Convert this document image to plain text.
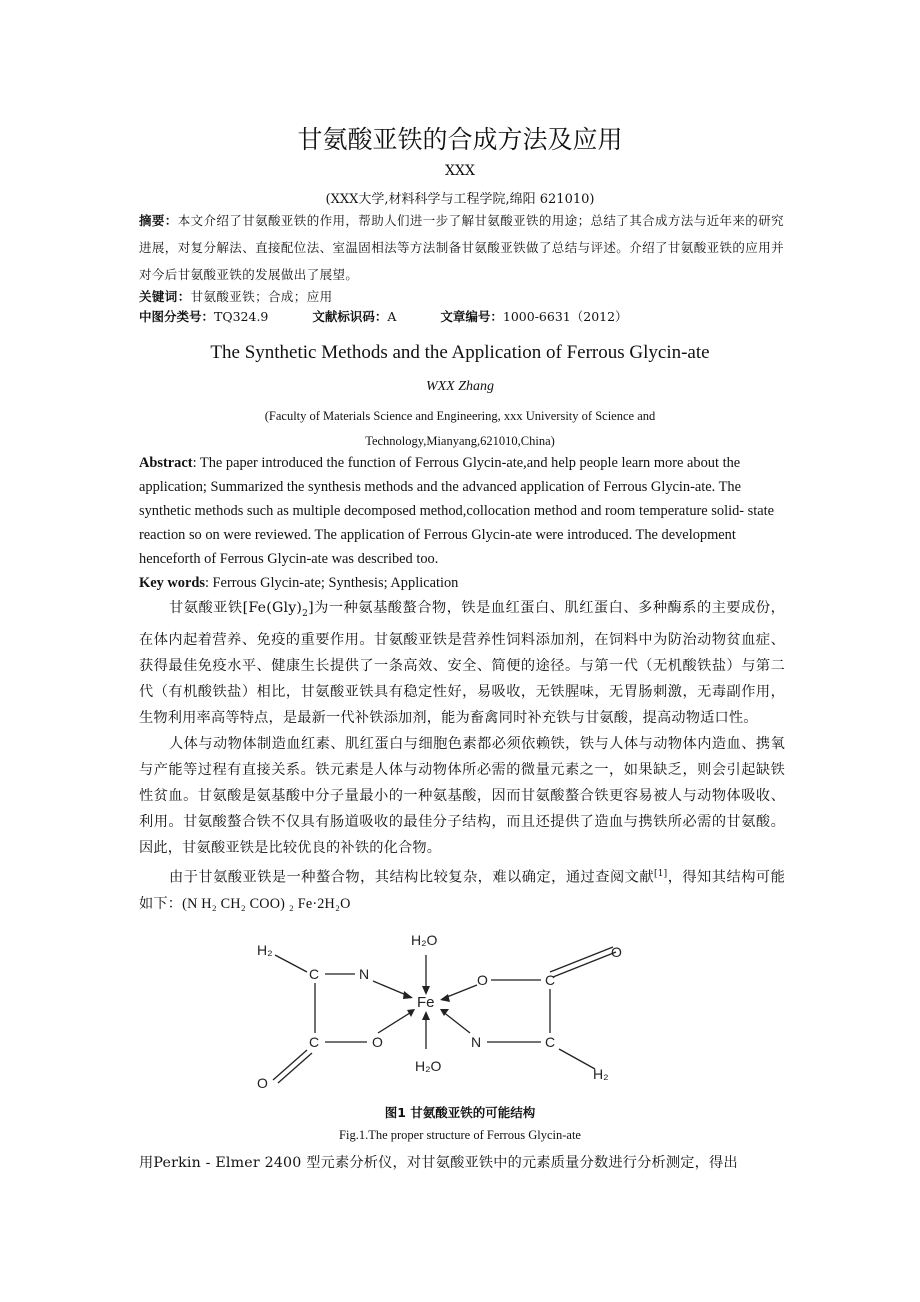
甘氨酸亚铁的合成方法及应用
XXX
(XXX大学,材料科学与工程学院,绵阳 621010)
摘要：本文介绍了甘氨酸亚铁的作用，帮助人们进一步了解甘氨酸亚铁的用途；总结了其合成方法与近年来的研究进展，对复分解法、直接配位法、室温固相法等方法制备甘氨酸亚铁做了总结与评述。介绍了甘氨酸亚铁的应用并对今后甘氨酸亚铁的发展做出了展望。
关键词：甘氨酸亚铁；合成；应用
中图分类号：TQ324.9	文献标识码：A	文章编号：1000-6631（2012）
The Synthetic Methods and the Application of Ferrous Glycin-ate
WXX Zhang
(Faculty of Materials Science and Engineering, xxx University of Science and
Technology,Mianyang,621010,China)
Abstract: The paper introduced the function of Ferrous Glycin-ate,and help people learn more about the application; Summarized the synthesis methods and the advanced application of Ferrous Glycin-ate. The synthetic methods such as multiple decomposed method,collocation method and room temperature solid- state reaction so on were reviewed. The application of Ferrous Glycin-ate were introduced. The development henceforth of Ferrous Glycin-ate was described too.
Key words: Ferrous Glycin-ate; Synthesis; Application

甘氨酸亚铁$[Fe(Gly)_2]$为一种氨基酸螯合物，铁是血红蛋白、肌红蛋白、多种酶系的主要成份，在体内起着营养、免疫的重要作用。甘氨酸亚铁是营养性饲料添加剂，在饲料中为防治动物贫血症、获得最佳免疫水平、健康生长提供了一条高效、安全、简便的途径。与第一代（无机酸铁盐）与第二代（有机酸铁盐）相比，甘氨酸亚铁具有稳定性好，易吸收，无铁腥味，无胃肠刺激，无毒副作用，生物利用率高等特点，是最新一代补铁添加剂，能为畜禽同时补充铁与甘氨酸，提高动物适口性。

人体与动物体制造血红素、肌红蛋白与细胞色素都必须依赖铁，铁与人体与动物体内造血、携氧与产能等过程有直接关系。铁元素是人体与动物体所必需的微量元素之一，如果缺乏，则会引起缺铁性贫血。甘氨酸是氨基酸中分子量最小的一种氨基酸，因而甘氨酸螯合铁更容易被人与动物体吸收、利用。甘氨酸螯合铁不仅具有肠道吸收的最佳分子结构，而且还提供了造血与携铁所必需的甘氨酸。因此，甘氨酸亚铁是比较优良的补铁的化合物。

由于甘氨酸亚铁是一种螯合物，其结构比较复杂，难以确定，通过查阅文献[1]，得知其结构可能如下：(N H₂ CH₂ COO) ₂ Fe·2H₂O

H₂
C	N
H₂O
Fe
O	C
O
C	O
O
H₂O
N	C
H₂
图1 甘氨酸亚铁的可能结构
Fig.1.The proper structure of Ferrous Glycin-ate
用Perkin - Elmer 2400 型元素分析仪，对甘氨酸亚铁中的元素质量分数进行分析测定，得出
